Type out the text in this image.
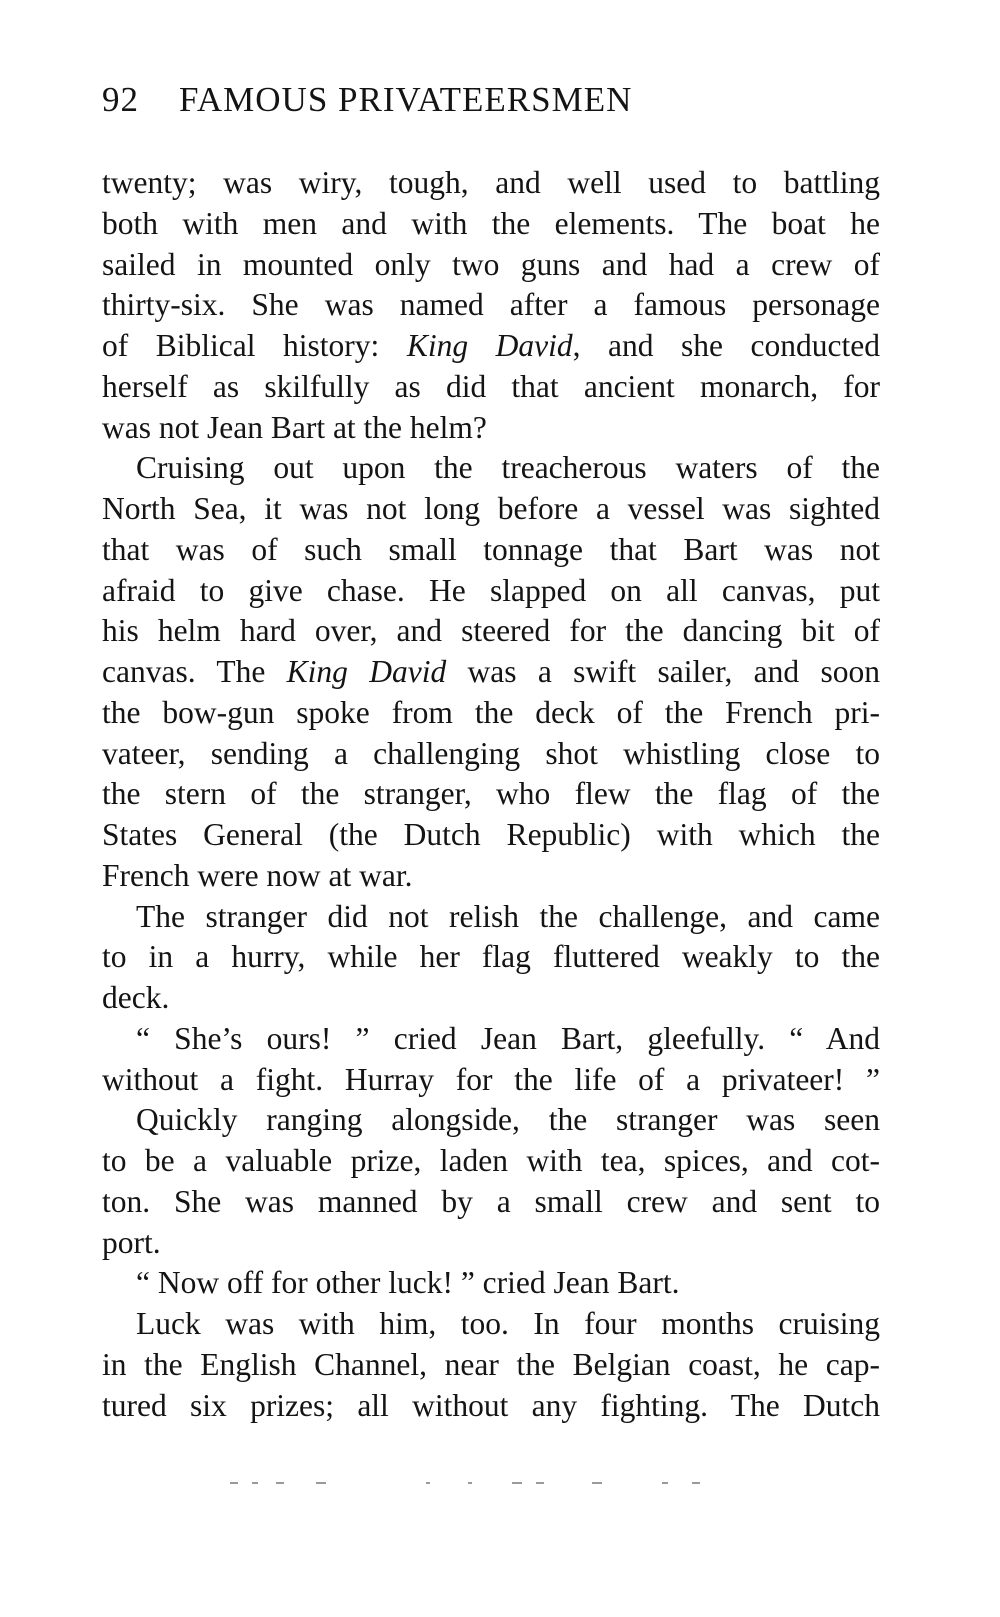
92 FAMOUS PRIVATEERSMEN
twenty; was wiry, tough, and well used to battling
both with men and with the elements. The boat he
sailed in mounted only two guns and had a crew of
thirty-six. She was named after a famous personage
of Biblical history: King David, and she conducted
herself as skilfully as did that ancient monarch, for
was not Jean Bart at the helm?
Cruising out upon the treacherous waters of the
North Sea, it was not long before a vessel was sighted
that was of such small tonnage that Bart was not
afraid to give chase. He slapped on all canvas, put
his helm hard over, and steered for the dancing bit of
canvas. The King David was a swift sailer, and soon
the bow-gun spoke from the deck of the French pri-
vateer, sending a challenging shot whistling close to
the stern of the stranger, who flew the flag of the
States General (the Dutch Republic) with which the
French were now at war.
The stranger did not relish the challenge, and came
to in a hurry, while her flag fluttered weakly to the
deck.
“ She’s ours! ” cried Jean Bart, gleefully. “ And
without a fight. Hurray for the life of a privateer! ”
Quickly ranging alongside, the stranger was seen
to be a valuable prize, laden with tea, spices, and cot-
ton. She was manned by a small crew and sent to
port.
“ Now off for other luck! ” cried Jean Bart.
Luck was with him, too. In four months cruising
in the English Channel, near the Belgian coast, he cap-
tured six prizes; all without any fighting. The Dutch
